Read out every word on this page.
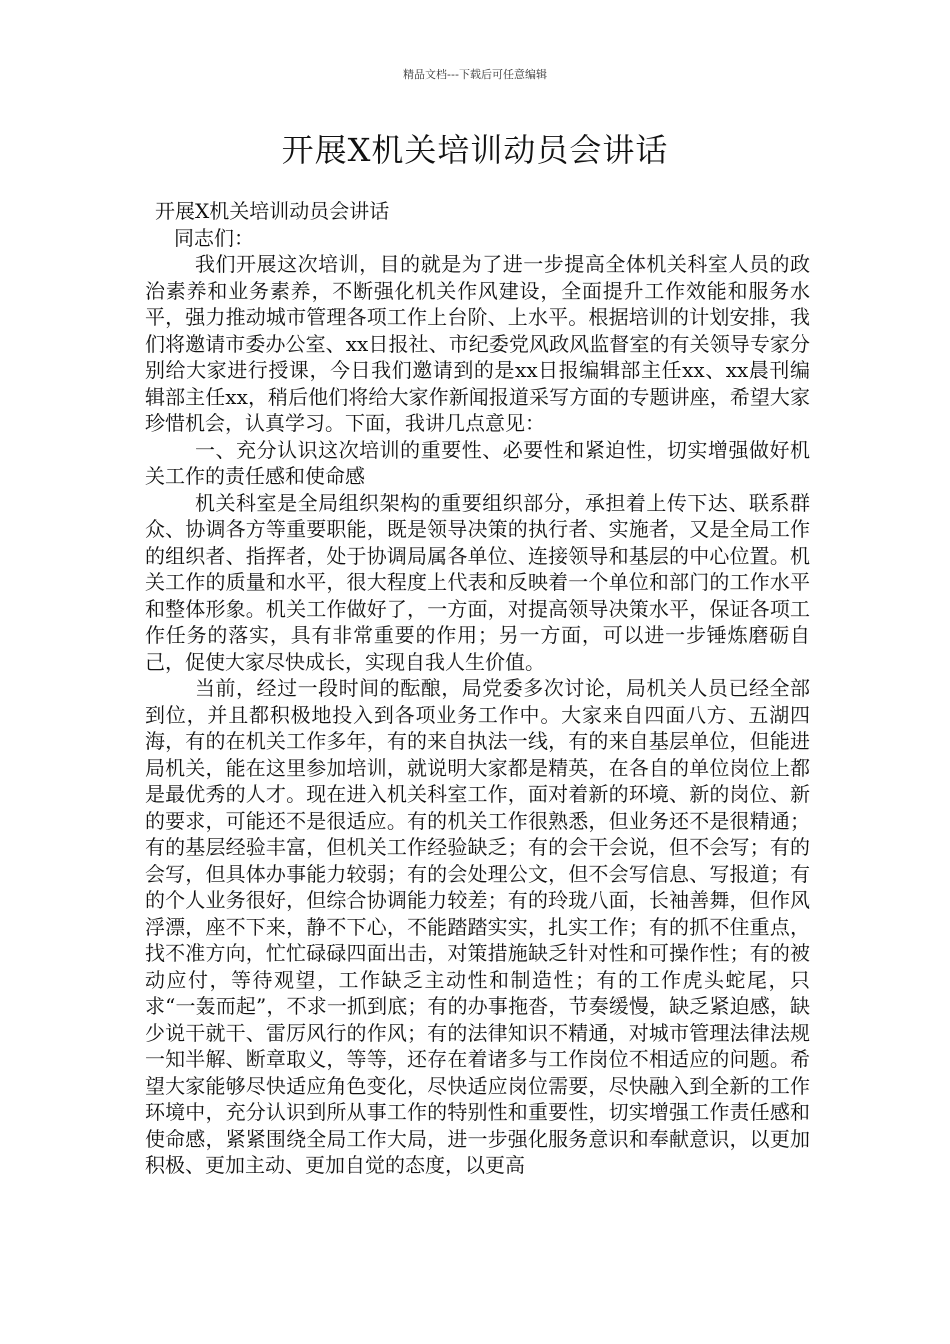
精品文档---下载后可任意编辑
开展X机关培训动员会讲话

开展X机关培训动员会讲话

同志们：

我们开展这次培训，目的就是为了进一步提高全体机关科室人员的政治素养和业务素养，不断强化机关作风建设，全面提升工作效能和服务水平，强力推动城市管理各项工作上台阶、上水平。根据培训的计划安排，我们将邀请市委办公室、xx日报社、市纪委党风政风监督室的有关领导专家分别给大家进行授课，今日我们邀请到的是xx日报编辑部主任xx、xx晨刊编辑部主任xx，稍后他们将给大家作新闻报道采写方面的专题讲座，希望大家珍惜机会，认真学习。下面，我讲几点意见：

一、充分认识这次培训的重要性、必要性和紧迫性，切实增强做好机关工作的责任感和使命感

机关科室是全局组织架构的重要组织部分，承担着上传下达、联系群众、协调各方等重要职能，既是领导决策的执行者、实施者，又是全局工作的组织者、指挥者，处于协调局属各单位、连接领导和基层的中心位置。机关工作的质量和水平，很大程度上代表和反映着一个单位和部门的工作水平和整体形象。机关工作做好了，一方面，对提高领导决策水平，保证各项工作任务的落实，具有非常重要的作用；另一方面，可以进一步锤炼磨砺自己，促使大家尽快成长，实现自我人生价值。

当前，经过一段时间的酝酿，局党委多次讨论，局机关人员已经全部到位，并且都积极地投入到各项业务工作中。大家来自四面八方、五湖四海，有的在机关工作多年，有的来自执法一线，有的来自基层单位，但能进局机关，能在这里参加培训，就说明大家都是精英，在各自的单位岗位上都是最优秀的人才。现在进入机关科室工作，面对着新的环境、新的岗位、新的要求，可能还不是很适应。有的机关工作很熟悉，但业务还不是很精通；有的基层经验丰富，但机关工作经验缺乏；有的会干会说，但不会写；有的会写，但具体办事能力较弱；有的会处理公文，但不会写信息、写报道；有的个人业务很好，但综合协调能力较差；有的玲珑八面，长袖善舞，但作风浮漂，座不下来，静不下心，不能踏踏实实，扎实工作；有的抓不住重点，找不准方向，忙忙碌碌四面出击，对策措施缺乏针对性和可操作性；有的被动应付，等待观望，工作缺乏主动性和制造性；有的工作虎头蛇尾，只求“一轰而起”，不求一抓到底；有的办事拖沓，节奏缓慢，缺乏紧迫感，缺少说干就干、雷厉风行的作风；有的法律知识不精通，对城市管理法律法规一知半解、断章取义，等等，还存在着诸多与工作岗位不相适应的问题。希望大家能够尽快适应角色变化，尽快适应岗位需要，尽快融入到全新的工作环境中，充分认识到所从事工作的特别性和重要性，切实增强工作责任感和使命感，紧紧围绕全局工作大局，进一步强化服务意识和奉献意识，以更加积极、更加主动、更加自觉的态度，以更高
